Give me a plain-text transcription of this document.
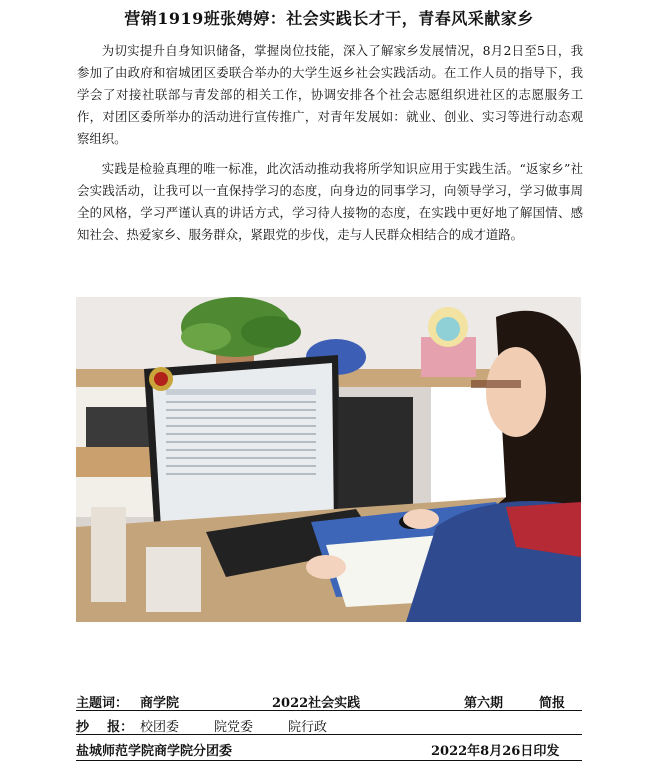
营销1919班张娉婷：社会实践长才干，青春风采献家乡

为切实提升自身知识储备，掌握岗位技能，深入了解家乡发展情况，8月2日至5日，我参加了由政府和宿城团区委联合举办的大学生返乡社会实践活动。在工作人员的指导下，我学会了对接社联部与青发部的相关工作，协调安排各个社会志愿组织进社区的志愿服务工作，对团区委所举办的活动进行宣传推广，对青年发展如：就业、创业、实习等进行动态观察组织。

实践是检验真理的唯一标准，此次活动推动我将所学知识应用于实践生活。“返家乡”社会实践活动，让我可以一直保持学习的态度，向身边的同事学习，向领导学习，学习做事周全的风格，学习严谨认真的讲话方式，学习待人接物的态度，在实践中更好地了解国情、感知社会、热爱家乡、服务群众，紧跟党的步伐，走与人民群众相结合的成才道路。

主题词： 商学院	2022社会实践	第六期	简报
抄    报： 校团委	院党委	院行政
盐城师范学院商学院分团委	2022年8月26日印发
